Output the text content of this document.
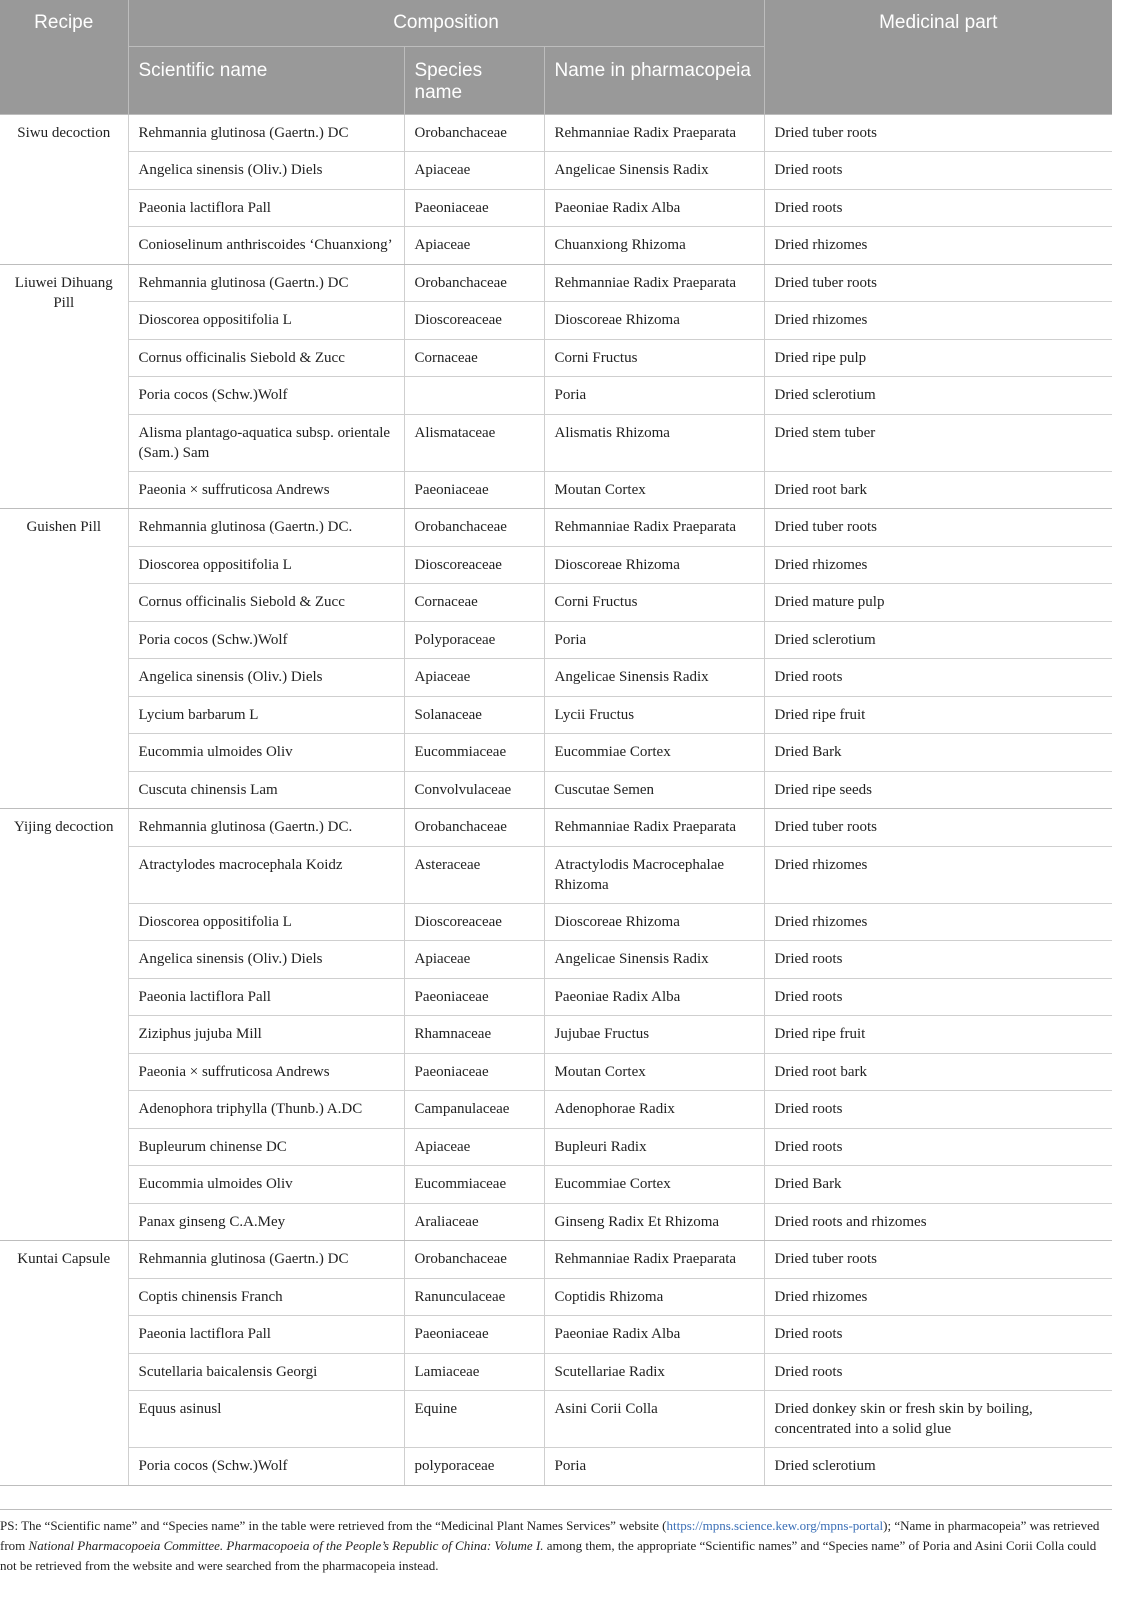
Recipe	Composition			Medicinal part
	Scientific name	Species name	Name in pharmacopeia	
Siwu decoction	Rehmannia glutinosa (Gaertn.) DC	Orobanchaceae	Rehmanniae Radix Praeparata	Dried tuber roots
	Angelica sinensis (Oliv.) Diels	Apiaceae	Angelicae Sinensis Radix	Dried roots
	Paeonia lactiflora Pall	Paeoniaceae	Paeoniae Radix Alba	Dried roots
	Conioselinum anthriscoides ‘Chuanxiong’	Apiaceae	Chuanxiong Rhizoma	Dried rhizomes
Liuwei Dihuang Pill	Rehmannia glutinosa (Gaertn.) DC	Orobanchaceae	Rehmanniae Radix Praeparata	Dried tuber roots
	Dioscorea oppositifolia L	Dioscoreaceae	Dioscoreae Rhizoma	Dried rhizomes
	Cornus officinalis Siebold & Zucc	Cornaceae	Corni Fructus	Dried ripe pulp
	Poria cocos (Schw.)Wolf		Poria	Dried sclerotium
	Alisma plantago-aquatica subsp. orientale (Sam.) Sam	Alismataceae	Alismatis Rhizoma	Dried stem tuber
	Paeonia × suffruticosa Andrews	Paeoniaceae	Moutan Cortex	Dried root bark
Guishen Pill	Rehmannia glutinosa (Gaertn.) DC.	Orobanchaceae	Rehmanniae Radix Praeparata	Dried tuber roots
	Dioscorea oppositifolia L	Dioscoreaceae	Dioscoreae Rhizoma	Dried rhizomes
	Cornus officinalis Siebold & Zucc	Cornaceae	Corni Fructus	Dried mature pulp
	Poria cocos (Schw.)Wolf	Polyporaceae	Poria	Dried sclerotium
	Angelica sinensis (Oliv.) Diels	Apiaceae	Angelicae Sinensis Radix	Dried roots
	Lycium barbarum L	Solanaceae	Lycii Fructus	Dried ripe fruit
	Eucommia ulmoides Oliv	Eucommiaceae	Eucommiae Cortex	Dried Bark
	Cuscuta chinensis Lam	Convolvulaceae	Cuscutae Semen	Dried ripe seeds
Yijing decoction	Rehmannia glutinosa (Gaertn.) DC.	Orobanchaceae	Rehmanniae Radix Praeparata	Dried tuber roots
	Atractylodes macrocephala Koidz	Asteraceae	Atractylodis Macrocephalae Rhizoma	Dried rhizomes
	Dioscorea oppositifolia L	Dioscoreaceae	Dioscoreae Rhizoma	Dried rhizomes
	Angelica sinensis (Oliv.) Diels	Apiaceae	Angelicae Sinensis Radix	Dried roots
	Paeonia lactiflora Pall	Paeoniaceae	Paeoniae Radix Alba	Dried roots
	Ziziphus jujuba Mill	Rhamnaceae	Jujubae Fructus	Dried ripe fruit
	Paeonia × suffruticosa Andrews	Paeoniaceae	Moutan Cortex	Dried root bark
	Adenophora triphylla (Thunb.) A.DC	Campanulaceae	Adenophorae Radix	Dried roots
	Bupleurum chinense DC	Apiaceae	Bupleuri Radix	Dried roots
	Eucommia ulmoides Oliv	Eucommiaceae	Eucommiae Cortex	Dried Bark
	Panax ginseng C.A.Mey	Araliaceae	Ginseng Radix Et Rhizoma	Dried roots and rhizomes
Kuntai Capsule	Rehmannia glutinosa (Gaertn.) DC	Orobanchaceae	Rehmanniae Radix Praeparata	Dried tuber roots
	Coptis chinensis Franch	Ranunculaceae	Coptidis Rhizoma	Dried rhizomes
	Paeonia lactiflora Pall	Paeoniaceae	Paeoniae Radix Alba	Dried roots
	Scutellaria baicalensis Georgi	Lamiaceae	Scutellariae Radix	Dried roots
	Equus asinusl	Equine	Asini Corii Colla	Dried donkey skin or fresh skin by boiling, concentrated into a solid glue
	Poria cocos (Schw.)Wolf	polyporaceae	Poria	Dried sclerotium
PS: The “Scientific name” and “Species name” in the table were retrieved from the “Medicinal Plant Names Services” website (https://mpns.science.kew.org/mpns-portal); “Name in pharmacopeia” was retrieved from National Pharmacopoeia Committee. Pharmacopoeia of the People’s Republic of China: Volume I. among them, the appropriate “Scientific names” and “Species name” of Poria and Asini Corii Colla could not be retrieved from the website and were searched from the pharmacopeia instead.
